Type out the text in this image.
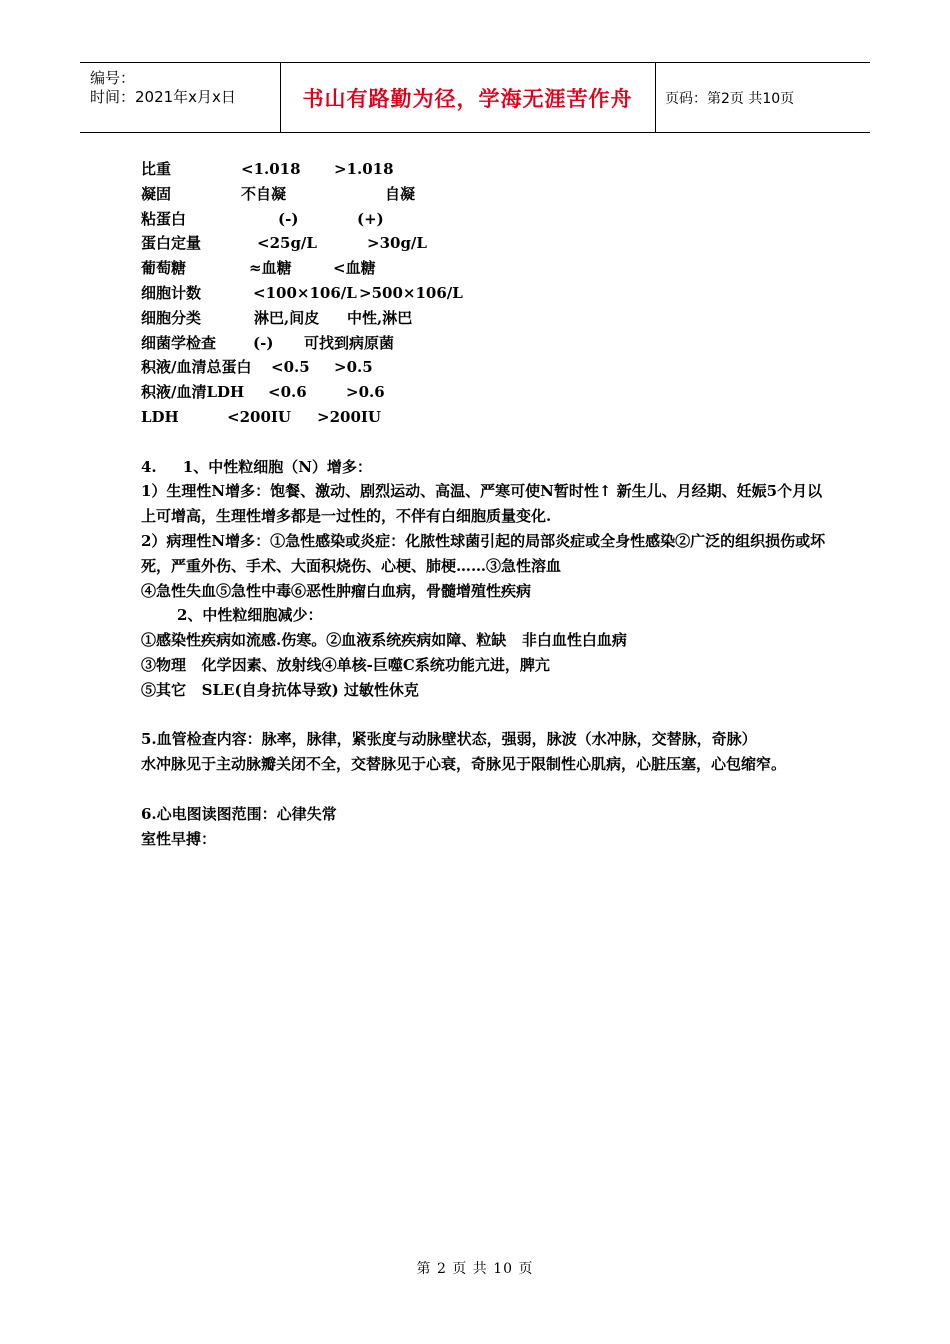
编号：
时间：2021年x月x日	书山有路勤为径，学海无涯苦作舟	页码：第2页 共10页
比重	<1.018 >1.018
凝固	不自凝	自凝
粘蛋白	(-)	(+)
蛋白定量	<25g/L	>30g/L
葡萄糖	≈血糖	<血糖
细胞计数	<100×106/L >500×106/L
细胞分类	淋巴,间皮 中性,淋巴
细菌学检查 (-) 可找到病原菌
积液/血清总蛋白 <0.5 >0.5
积液/血清LDH <0.6	>0.6
LDH	<200IU >200IU

4.     1、中性粒细胞（N）增多：

1）生理性N增多：饱餐、激动、剧烈运动、高温、严寒可使N暂时性↑ 新生儿、月经期、妊娠5个月以上可增高，生理性增多都是一过性的，不伴有白细胞质量变化.

2）病理性N增多：①急性感染或炎症：化脓性球菌引起的局部炎症或全身性感染②广泛的组织损伤或坏死，严重外伤、手术、大面积烧伤、心梗、肺梗……③急性溶血

④急性失血⑤急性中毒⑥恶性肿瘤白血病，骨髓增殖性疾病

2、中性粒细胞减少：

①感染性疾病如流感.伤寒。②血液系统疾病如障、粒缺   非白血性白血病

③物理   化学因素、放射线④单核-巨噬C系统功能亢进，脾亢

⑤其它   SLE(自身抗体导致) 过敏性休克

5.血管检查内容：脉率，脉律，紧张度与动脉壁状态，强弱，脉波（水冲脉，交替脉，奇脉）

水冲脉见于主动脉瓣关闭不全，交替脉见于心衰，奇脉见于限制性心肌病，心脏压塞，心包缩窄。

6.心电图读图范围：心律失常

室性早搏：

第 2 页 共 10 页
